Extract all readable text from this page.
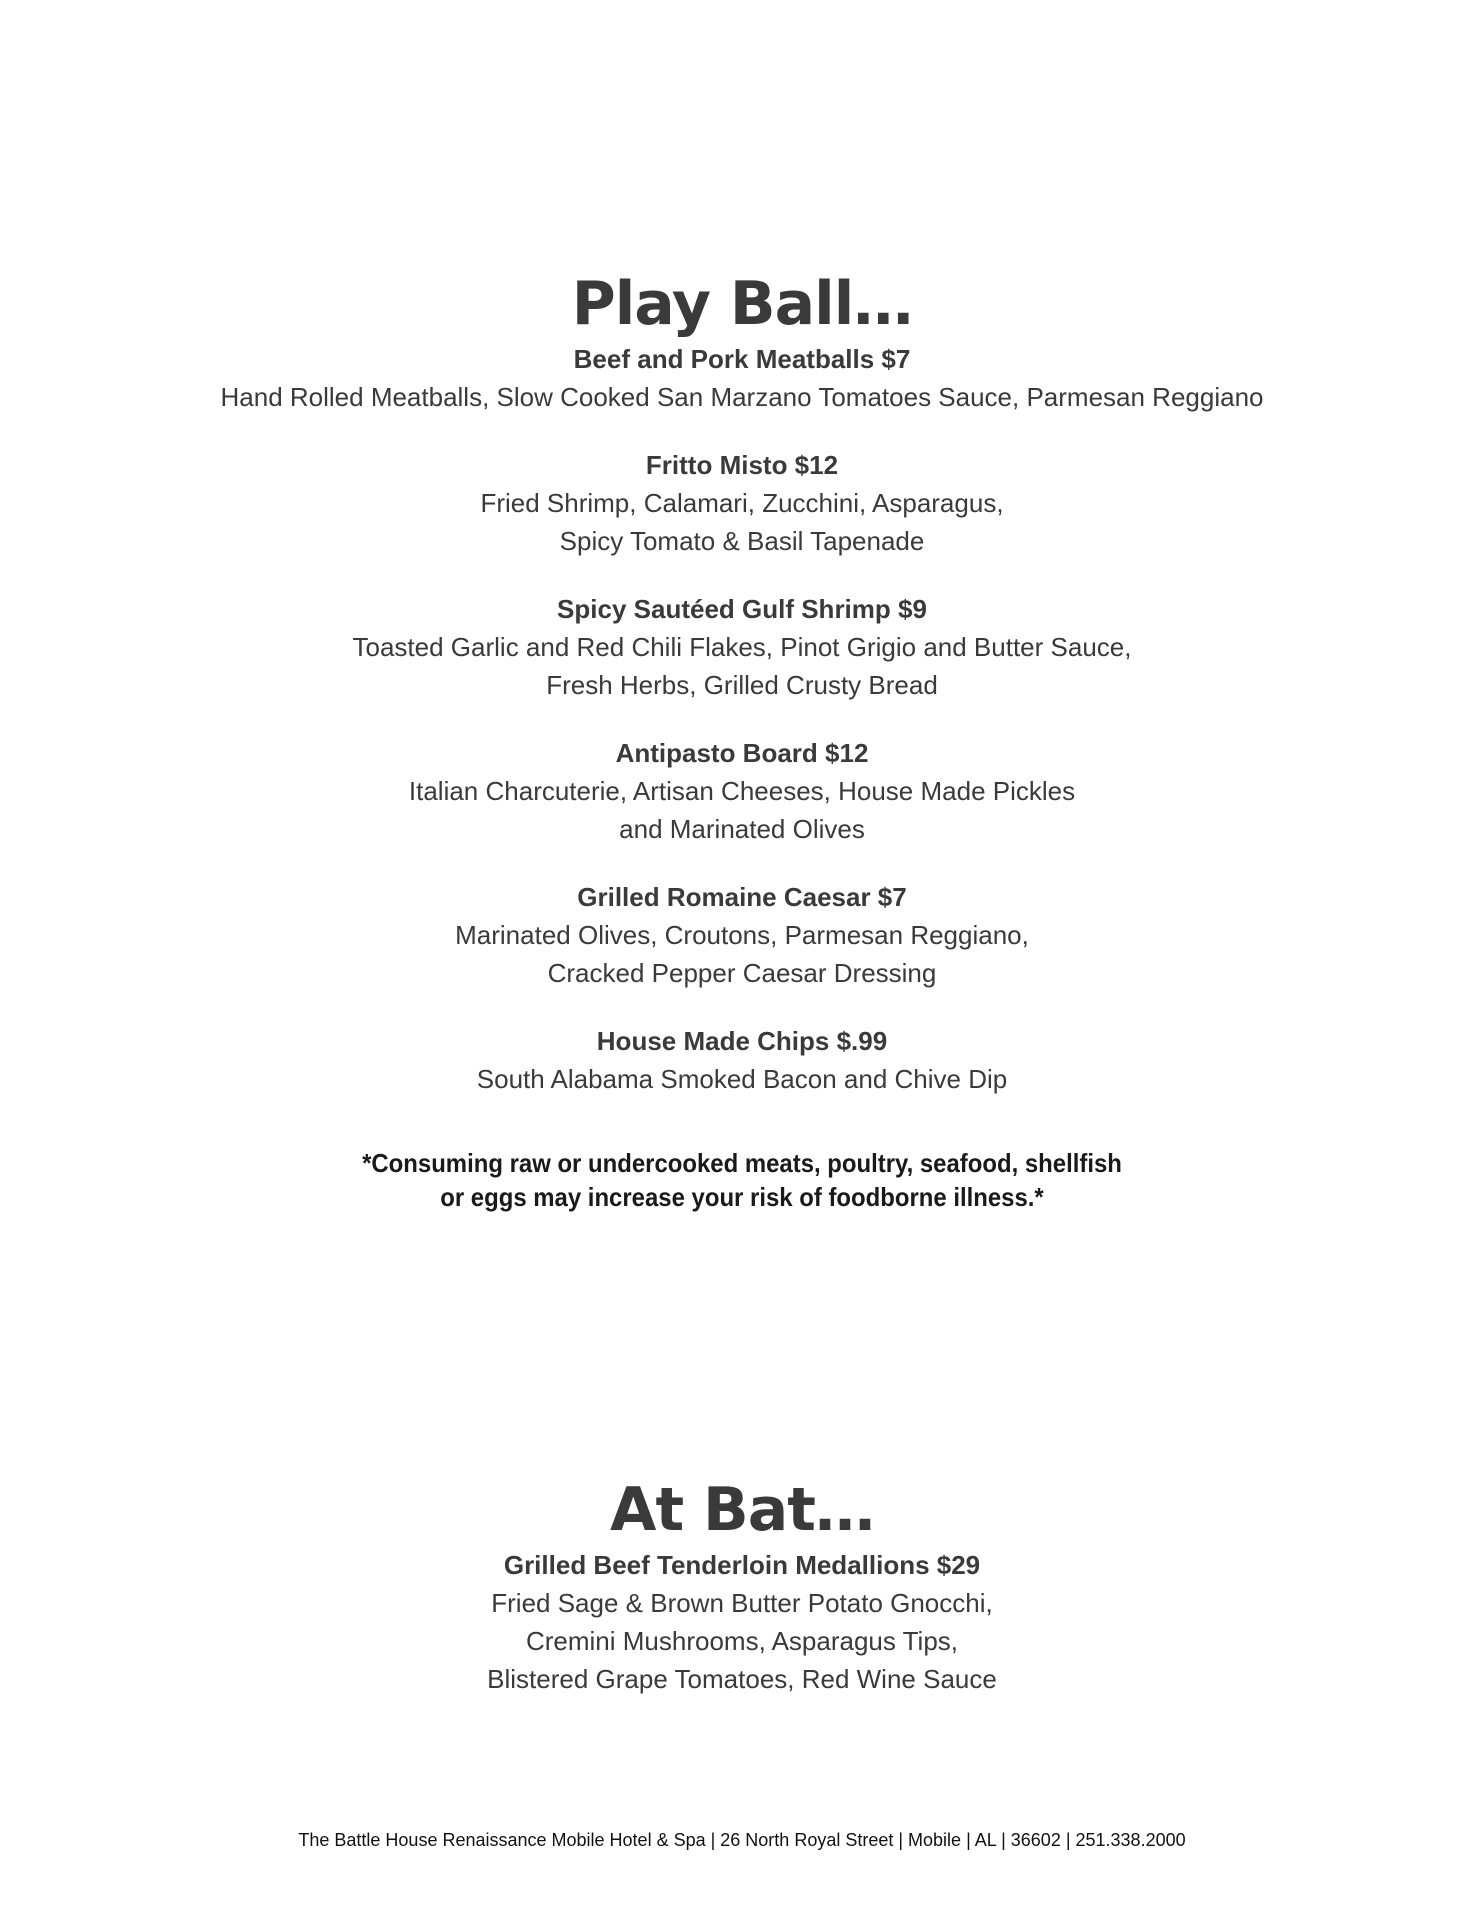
Play Ball…
Beef and Pork Meatballs $7
Hand Rolled Meatballs, Slow Cooked San Marzano Tomatoes Sauce, Parmesan Reggiano
Fritto Misto $12
Fried Shrimp, Calamari, Zucchini, Asparagus,
Spicy Tomato & Basil Tapenade
Spicy Sautéed Gulf Shrimp $9
Toasted Garlic and Red Chili Flakes, Pinot Grigio and Butter Sauce,
Fresh Herbs, Grilled Crusty Bread
Antipasto Board $12
Italian Charcuterie, Artisan Cheeses, House Made Pickles
and Marinated Olives
Grilled Romaine Caesar $7
Marinated Olives, Croutons, Parmesan Reggiano,
Cracked Pepper Caesar Dressing
House Made Chips $.99
South Alabama Smoked Bacon and Chive Dip
*Consuming raw or undercooked meats, poultry, seafood, shellfish
or eggs may increase your risk of foodborne illness.*
At Bat…
Grilled Beef Tenderloin Medallions $29
Fried Sage & Brown Butter Potato Gnocchi,
Cremini Mushrooms, Asparagus Tips,
Blistered Grape Tomatoes, Red Wine Sauce
The Battle House Renaissance Mobile Hotel & Spa | 26 North Royal Street | Mobile | AL | 36602 | 251.338.2000
